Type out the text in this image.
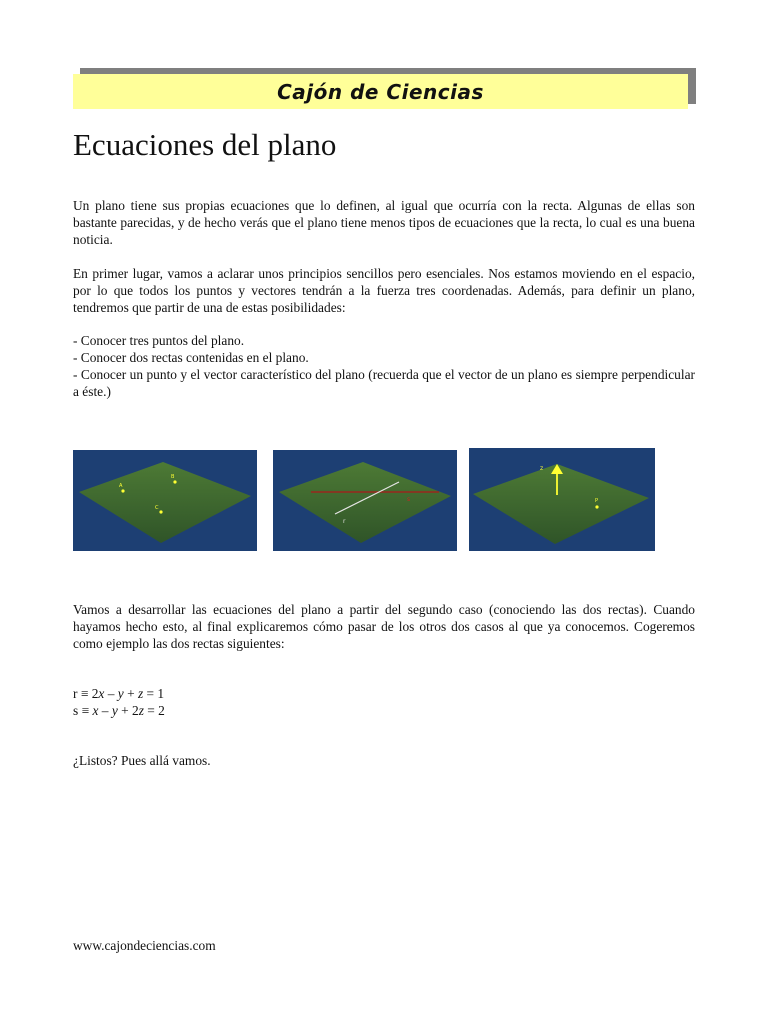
Cajón de Ciencias
Ecuaciones del plano

Un plano tiene sus propias ecuaciones que lo definen, al igual que ocurría con la recta. Algunas de ellas son bastante parecidas, y de hecho verás que el plano tiene menos tipos de ecuaciones que la recta, lo cual es una buena noticia.

En primer lugar, vamos a aclarar unos principios sencillos pero esenciales. Nos estamos moviendo en el espacio, por lo que todos los puntos y vectores tendrán a la fuerza tres coordenadas. Además, para definir un plano, tendremos que partir de una de estas posibilidades:

- Conocer tres puntos del plano.

- Conocer dos rectas contenidas en el plano.

- Conocer un punto y el vector característico del plano (recuerda que el vector de un plano es siempre perpendicular a éste.)

A
B
C
s
r
z
P

Vamos a desarrollar las ecuaciones del plano a partir del segundo caso (conociendo las dos rectas). Cuando hayamos hecho esto, al final explicaremos cómo pasar de los otros dos casos al que ya conocemos. Cogeremos como ejemplo las dos rectas siguientes:

r ≡ 2x – y + z = 1

s ≡ x – y + 2z = 2

¿Listos? Pues allá vamos.

www.cajondeciencias.com
